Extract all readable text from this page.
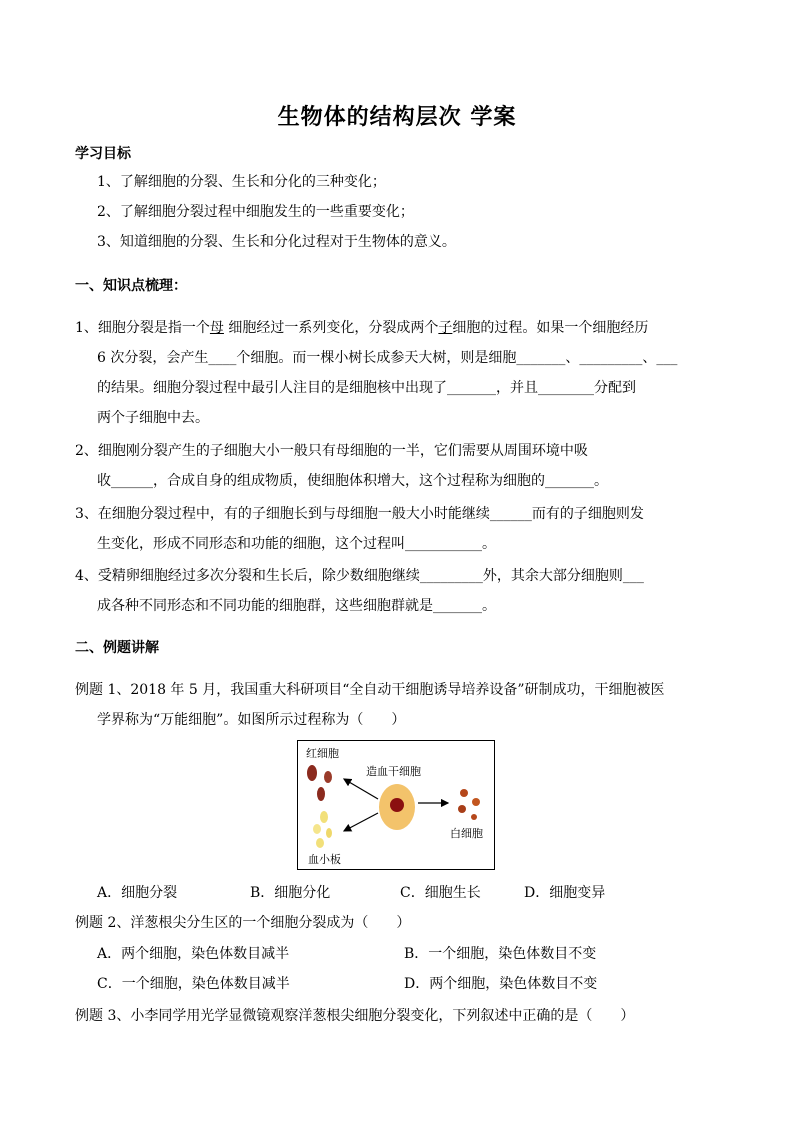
生物体的结构层次 学案
学习目标
1、了解细胞的分裂、生长和分化的三种变化；
2、了解细胞分裂过程中细胞发生的一些重要变化；
3、知道细胞的分裂、生长和分化过程对于生物体的意义。
一、知识点梳理：
1、细胞分裂是指一个母 细胞经过一系列变化，分裂成两个子细胞的过程。如果一个细胞经历
6 次分裂，会产生____个细胞。而一棵小树长成参天大树，则是细胞_______、_________、___
的结果。细胞分裂过程中最引人注目的是细胞核中出现了_______，并且________分配到
两个子细胞中去。
2、细胞刚分裂产生的子细胞大小一般只有母细胞的一半，它们需要从周围环境中吸
收______，合成自身的组成物质，使细胞体积增大，这个过程称为细胞的_______。
3、在细胞分裂过程中，有的子细胞长到与母细胞一般大小时能继续______而有的子细胞则发
生变化，形成不同形态和功能的细胞，这个过程叫___________。
4、受精卵细胞经过多次分裂和生长后，除少数细胞继续_________外，其余大部分细胞则___
成各种不同形态和不同功能的细胞群，这些细胞群就是_______。
二、例题讲解
例题 1、2018 年 5 月，我国重大科研项目“全自动干细胞诱导培养设备”研制成功，干细胞被医
学界称为“万能细胞”。如图所示过程称为（　　）
红细胞
造血干细胞
白细胞
血小板
A．细胞分裂	B．细胞分化	C．细胞生长	D．细胞变异
例题 2、洋葱根尖分生区的一个细胞分裂成为（　　）
A．两个细胞，染色体数目减半	B．一个细胞，染色体数目不变
C．一个细胞，染色体数目减半	D．两个细胞，染色体数目不变
例题 3、小李同学用光学显微镜观察洋葱根尖细胞分裂变化，下列叙述中正确的是（　　）
